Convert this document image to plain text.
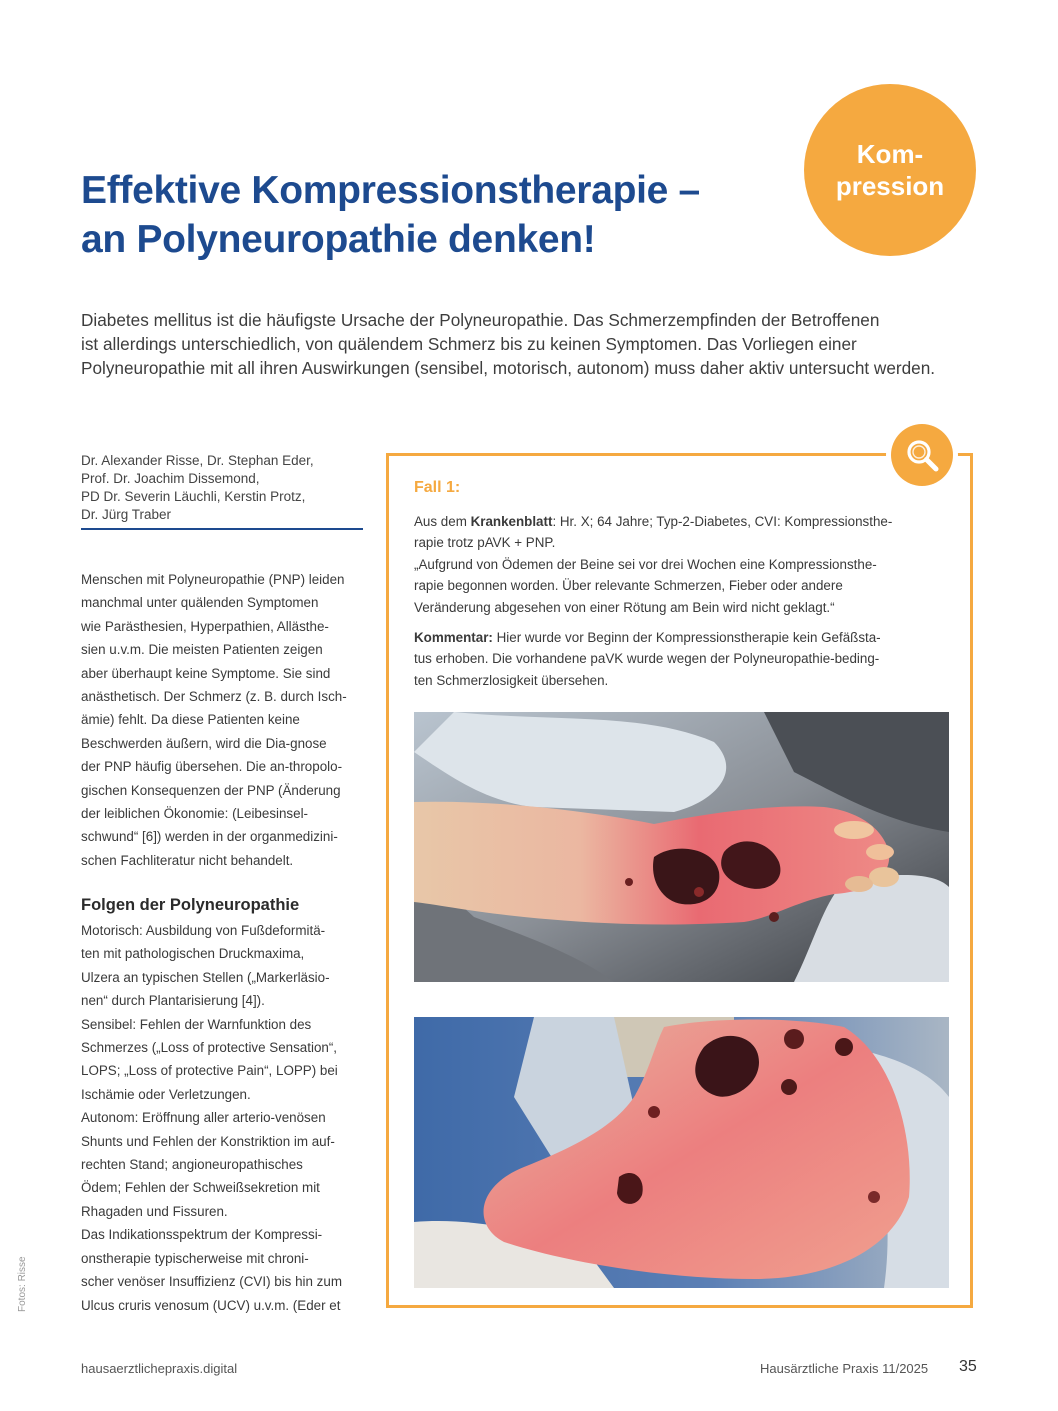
Kom-
pression
Effektive Kompressionstherapie –
an Polyneuropathie denken!

Diabetes mellitus ist die häufigste Ursache der Polyneuropathie. Das Schmerzempfinden der Betroffenen
ist allerdings unterschiedlich, von quälendem Schmerz bis zu keinen Symptomen. Das Vorliegen einer
Polyneuropathie mit all ihren Auswirkungen (sensibel, motorisch, autonom) muss daher aktiv untersucht werden.

Dr. Alexander Risse, Dr. Stephan Eder,
Prof. Dr. Joachim Dissemond,
PD Dr. Severin Läuchli, Kerstin Protz,
Dr. Jürg Traber
Menschen mit Polyneuropathie (PNP) leiden
manchmal unter quälenden Symptomen
wie Parästhesien, Hyperpathien, Allästhe-
sien u.v.m. Die meisten Patienten zeigen
aber überhaupt keine Symptome. Sie sind
anästhetisch. Der Schmerz (z. B. durch Isch-
ämie) fehlt. Da diese Patienten keine
Beschwerden äußern, wird die Dia-gnose
der PNP häufig übersehen. Die an-thropolo-
gischen Konsequenzen der PNP (Änderung
der leiblichen Ökonomie: (Leibesinsel-
schwund“ [6]) werden in der organmedizini-
schen Fachliteratur nicht behandelt.
Folgen der Polyneuropathie
Motorisch: Ausbildung von Fußdeformitä-
ten mit pathologischen Druckmaxima,
Ulzera an typischen Stellen („Markerläsio-
nen“ durch Plantarisierung [4]).
Sensibel: Fehlen der Warnfunktion des
Schmerzes („Loss of protective Sensation“,
LOPS; „Loss of protective Pain“, LOPP) bei
Ischämie oder Verletzungen.
Autonom: Eröffnung aller arterio-venösen
Shunts und Fehlen der Konstriktion im auf-
rechten Stand; angioneuropathisches
Ödem; Fehlen der Schweißsekretion mit
Rhagaden und Fissuren.
Das Indikationsspektrum der Kompressi-
onstherapie typischerweise mit chroni-
scher venöser Insuffizienz (CVI) bis hin zum
Ulcus cruris venosum (UCV) u.v.m. (Eder et
Fotos: Risse
Fall 1:
Aus dem Krankenblatt: Hr. X; 64 Jahre; Typ-2-Diabetes, CVI: Kompressionsthe-
rapie trotz pAVK + PNP.
„Aufgrund von Ödemen der Beine sei vor drei Wochen eine Kompressionsthe-
rapie begonnen worden. Über relevante Schmerzen, Fieber oder andere
Veränderung abgesehen von einer Rötung am Bein wird nicht geklagt.“
Kommentar: Hier wurde vor Beginn der Kompressionstherapie kein Gefäßsta-
tus erhoben. Die vorhandene paVK wurde wegen der Polyneuropathie-beding-
ten Schmerzlosigkeit übersehen.
hausaerztlichepraxis.digital	Hausärztliche Praxis 11/2025 35
